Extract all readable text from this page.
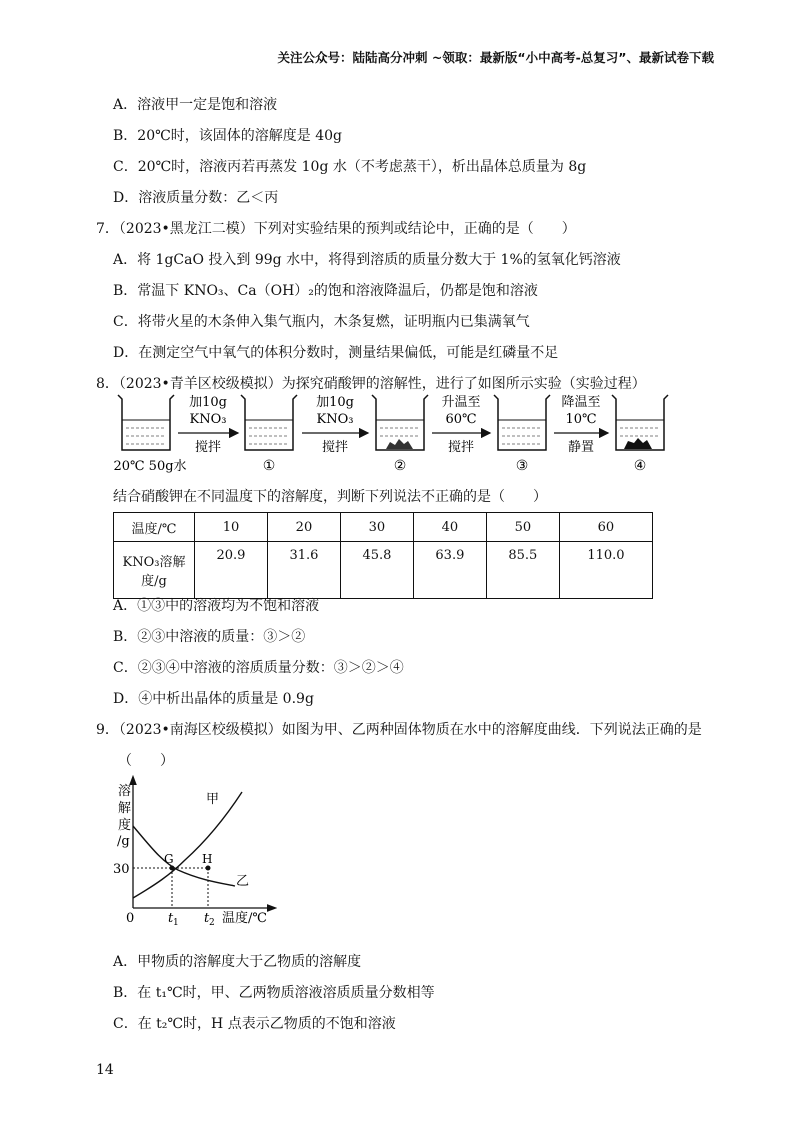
关注公众号：陆陆高分冲刺 ~领取：最新版“小中高考-总复习”、最新试卷下载
A．溶液甲一定是饱和溶液
B．20℃时，该固体的溶解度是 40g
C．20℃时，溶液丙若再蒸发 10g 水（不考虑蒸干），析出晶体总质量为 8g
D．溶液质量分数：乙＜丙
7．（2023•黑龙江二模）下列对实验结果的预判或结论中，正确的是（　　）
A．将 1gCaO 投入到 99g 水中，将得到溶质的质量分数大于 1%的氢氧化钙溶液
B．常温下 KNO₃、Ca（OH）₂的饱和溶液降温后，仍都是饱和溶液
C．将带火星的木条伸入集气瓶内，木条复燃，证明瓶内已集满氧气
D．在测定空气中氧气的体积分数时，测量结果偏低，可能是红磷量不足
8．（2023•青羊区校级模拟）为探究硝酸钾的溶解性，进行了如图所示实验（实验过程）
加10g
KNO₃
搅拌
加10g
KNO₃
搅拌
升温至
60℃
搅拌
降温至
10℃
静置
20℃ 50g水	①	②	③	④
结合硝酸钾在不同温度下的溶解度，判断下列说法不正确的是（　　）
温度/℃	10	20	30	40	50	60

KNO₃溶解
度/g	20.9	31.6	45.8	63.9	85.5	110.0
A．①③中的溶液均为不饱和溶液
B．②③中溶液的质量：③＞②
C．②③④中溶液的溶质质量分数：③＞②＞④
D．④中析出晶体的质量是 0.9g
9．（2023•南海区校级模拟）如图为甲、乙两种固体物质在水中的溶解度曲线．下列说法正确的是
（　　）
溶
解
度
/g
甲
乙
30
G H
0	t 1 t 2 温度/℃
A．甲物质的溶解度大于乙物质的溶解度
B．在 t₁℃时，甲、乙两物质溶液溶质质量分数相等
C．在 t₂℃时，H 点表示乙物质的不饱和溶液
14
